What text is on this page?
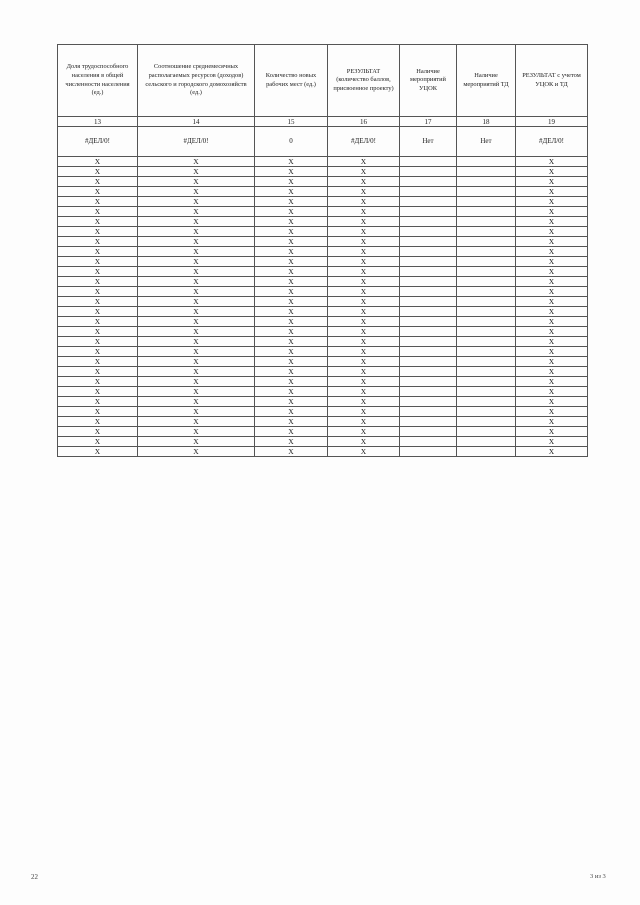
Доля трудоспособного населения в общей численности населения (ед.)	Соотношение среднемесячных располагаемых ресурсов (доходов) сельского и городского домохозяйств (ед.)	Количество новых рабочих мест (ед.)	РЕЗУЛЬТАТ (количество баллов, присвоенное проекту)	Наличие мероприятий УЦОК	Наличие мероприятий ТД	РЕЗУЛЬТАТ с учетом УЦОК и ТД
13	14	15	16	17	18	19
#ДЕЛ/0!	#ДЕЛ/0!	0	#ДЕЛ/0!	Нет	Нет	#ДЕЛ/0!
X	X	X	X			X
X	X	X	X			X
X	X	X	X			X
X	X	X	X			X
X	X	X	X			X
X	X	X	X			X
X	X	X	X			X
X	X	X	X			X
X	X	X	X			X
X	X	X	X			X
X	X	X	X			X
X	X	X	X			X
X	X	X	X			X
X	X	X	X			X
X	X	X	X			X
X	X	X	X			X
X	X	X	X			X
X	X	X	X			X
X	X	X	X			X
X	X	X	X			X
X	X	X	X			X
X	X	X	X			X
X	X	X	X			X
X	X	X	X			X
X	X	X	X			X
X	X	X	X			X
X	X	X	X			X
X	X	X	X			X
X	X	X	X			X
X	X	X	X			X
22	3 из 3
